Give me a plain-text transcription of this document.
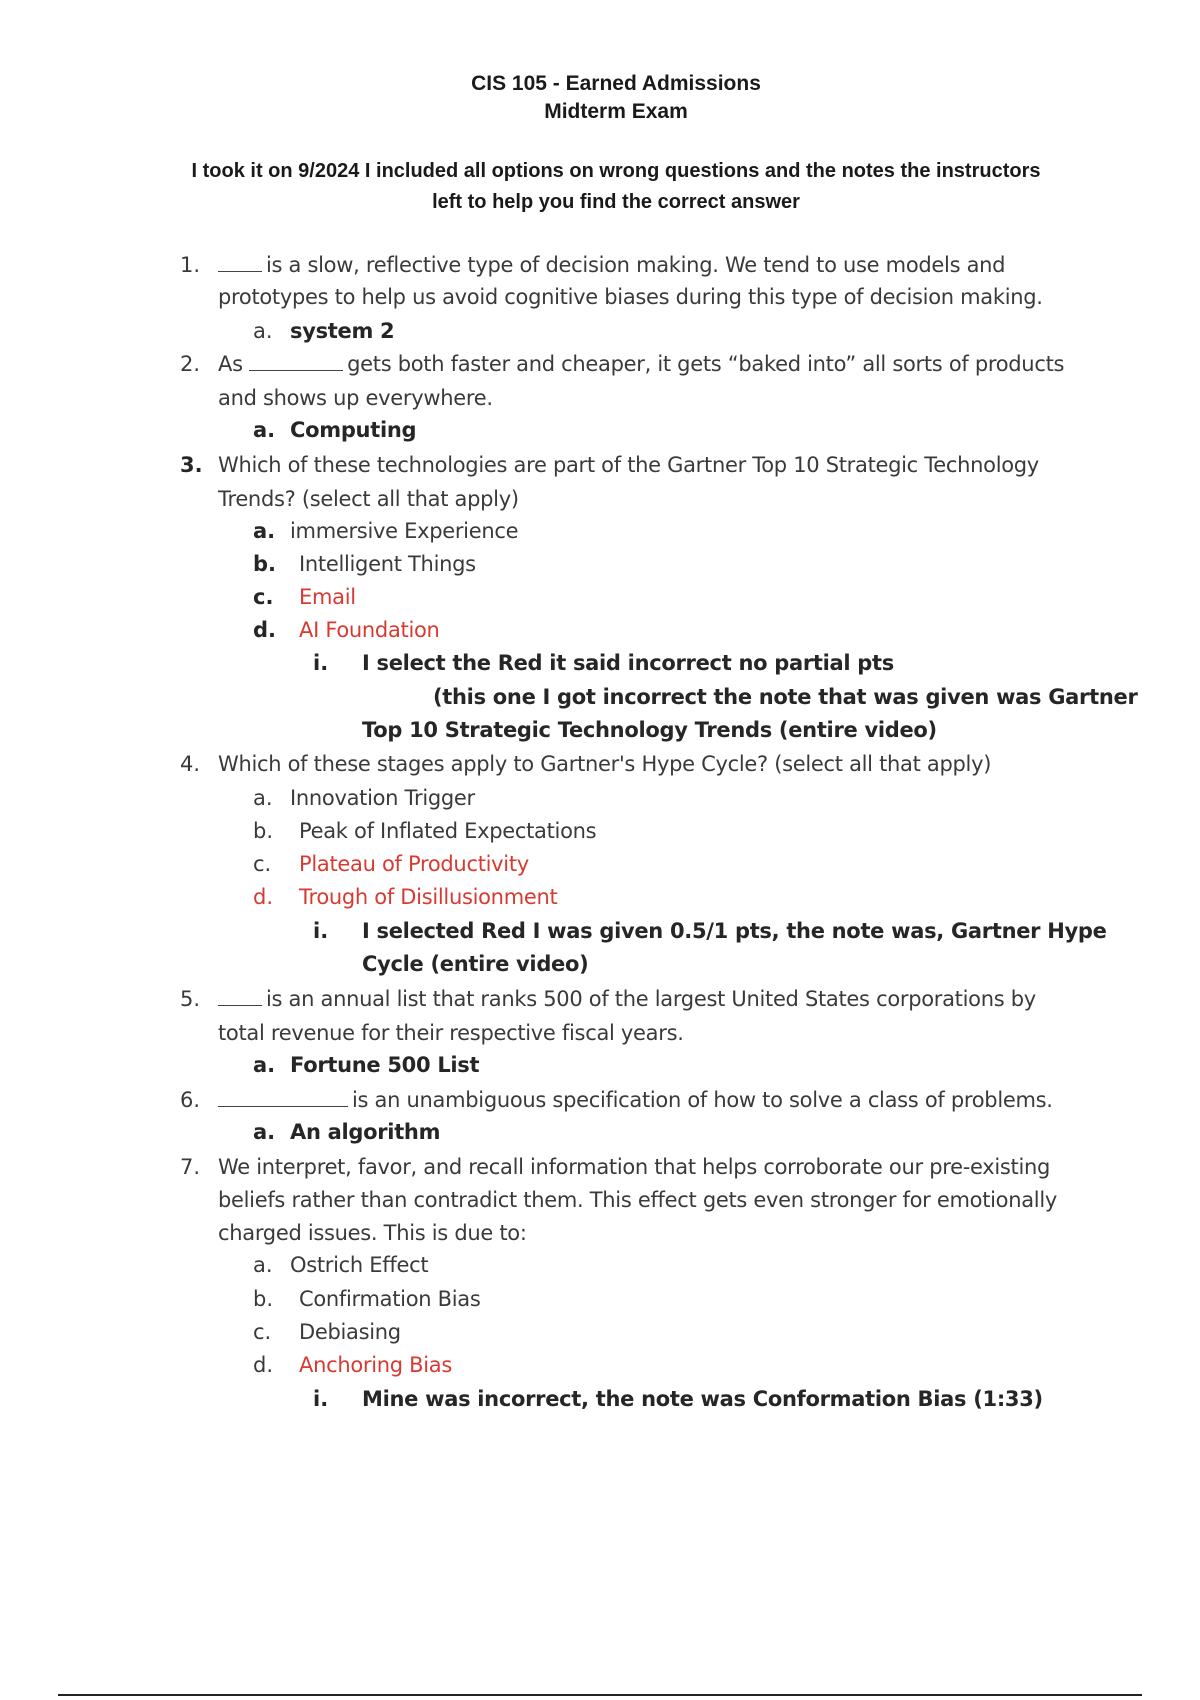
CIS 105 - Earned Admissions
Midterm Exam
I took it on 9/2024 I included all options on wrong questions and the notes the instructors
left to help you find the correct answer
1.	is a slow, reflective type of decision making. We tend to use models and
prototypes to help us avoid cognitive biases during this type of decision making.
a. system 2
2. As	gets both faster and cheaper, it gets “baked into” all sorts of products
and shows up everywhere.
a. Computing
3. Which of these technologies are part of the Gartner Top 10 Strategic Technology
Trends? (select all that apply)
a. immersive Experience
b. Intelligent Things
c. Email
d. AI Foundation
i. I select the Red it said incorrect no partial pts
(this one I got incorrect the note that was given was Gartner
Top 10 Strategic Technology Trends (entire video)
4. Which of these stages apply to Gartner's Hype Cycle? (select all that apply)
a. Innovation Trigger
b. Peak of Inflated Expectations
c. Plateau of Productivity
d. Trough of Disillusionment
i. I selected Red I was given 0.5/1 pts, the note was, Gartner Hype
Cycle (entire video)
5.	is an annual list that ranks 500 of the largest United States corporations by
total revenue for their respective fiscal years.
a. Fortune 500 List
6.	is an unambiguous specification of how to solve a class of problems.
a. An algorithm
7. We interpret, favor, and recall information that helps corroborate our pre-existing
beliefs rather than contradict them. This effect gets even stronger for emotionally
charged issues. This is due to:
a. Ostrich Effect
b. Confirmation Bias
c. Debiasing
d. Anchoring Bias
i. Mine was incorrect, the note was Conformation Bias (1:33)
